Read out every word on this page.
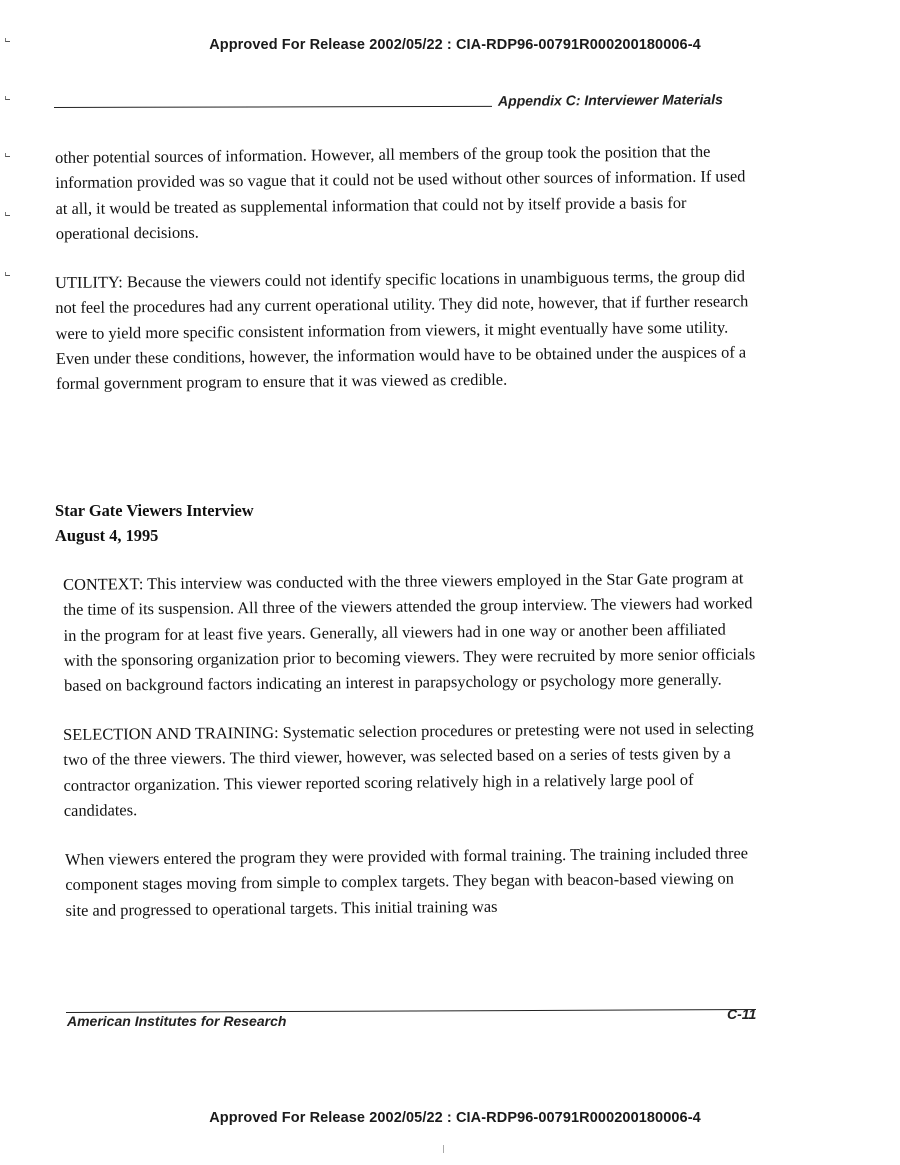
Approved For Release 2002/05/22 : CIA-RDP96-00791R000200180006-4
Appendix C: Interviewer Materials

other potential sources of information. However, all members of the group took the position that the information provided was so vague that it could not be used without other sources of information. If used at all, it would be treated as supplemental information that could not by itself provide a basis for operational decisions.

UTILITY: Because the viewers could not identify specific locations in unambiguous terms, the group did not feel the procedures had any current operational utility. They did note, however, that if further research were to yield more specific consistent information from viewers, it might eventually have some utility. Even under these conditions, however, the information would have to be obtained under the auspices of a formal government program to ensure that it was viewed as credible.

Star Gate Viewers Interview

August 4, 1995

CONTEXT: This interview was conducted with the three viewers employed in the Star Gate program at the time of its suspension. All three of the viewers attended the group interview. The viewers had worked in the program for at least five years. Generally, all viewers had in one way or another been affiliated with the sponsoring organization prior to becoming viewers. They were recruited by more senior officials based on background factors indicating an interest in parapsychology or psychology more generally.

SELECTION AND TRAINING: Systematic selection procedures or pretesting were not used in selecting two of the three viewers. The third viewer, however, was selected based on a series of tests given by a contractor organization. This viewer reported scoring relatively high in a relatively large pool of candidates.

When viewers entered the program they were provided with formal training. The training included three component stages moving from simple to complex targets. They began with beacon-based viewing on site and progressed to operational targets. This initial training was

American Institutes for Research	C-11
Approved For Release 2002/05/22 : CIA-RDP96-00791R000200180006-4
